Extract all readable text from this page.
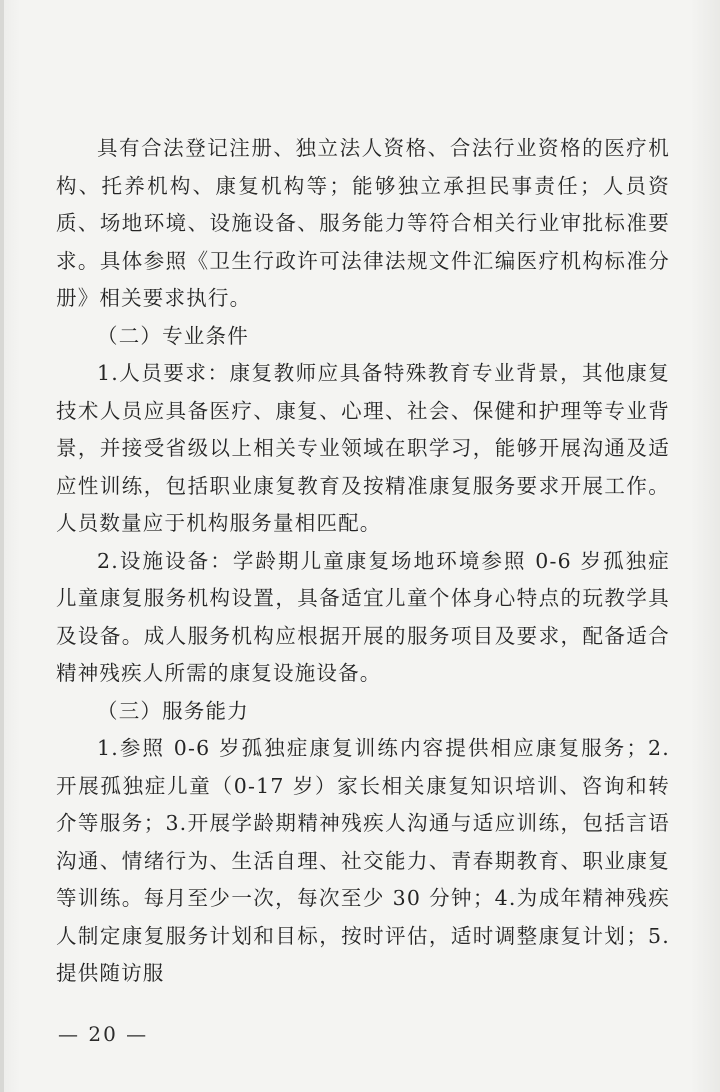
具有合法登记注册、独立法人资格、合法行业资格的医疗机构、托养机构、康复机构等；能够独立承担民事责任；人员资质、场地环境、设施设备、服务能力等符合相关行业审批标准要求。具体参照《卫生行政许可法律法规文件汇编医疗机构标准分册》相关要求执行。

（二）专业条件

1.人员要求：康复教师应具备特殊教育专业背景，其他康复技术人员应具备医疗、康复、心理、社会、保健和护理等专业背景，并接受省级以上相关专业领域在职学习，能够开展沟通及适应性训练，包括职业康复教育及按精准康复服务要求开展工作。人员数量应于机构服务量相匹配。

2.设施设备：学龄期儿童康复场地环境参照 0-6 岁孤独症儿童康复服务机构设置，具备适宜儿童个体身心特点的玩教学具及设备。成人服务机构应根据开展的服务项目及要求，配备适合精神残疾人所需的康复设施设备。

（三）服务能力

1.参照 0-6 岁孤独症康复训练内容提供相应康复服务；2.开展孤独症儿童（0-17 岁）家长相关康复知识培训、咨询和转介等服务；3.开展学龄期精神残疾人沟通与适应训练，包括言语沟通、情绪行为、生活自理、社交能力、青春期教育、职业康复等训练。每月至少一次，每次至少 30 分钟；4.为成年精神残疾人制定康复服务计划和目标，按时评估，适时调整康复计划；5.提供随访服

— 20 —
